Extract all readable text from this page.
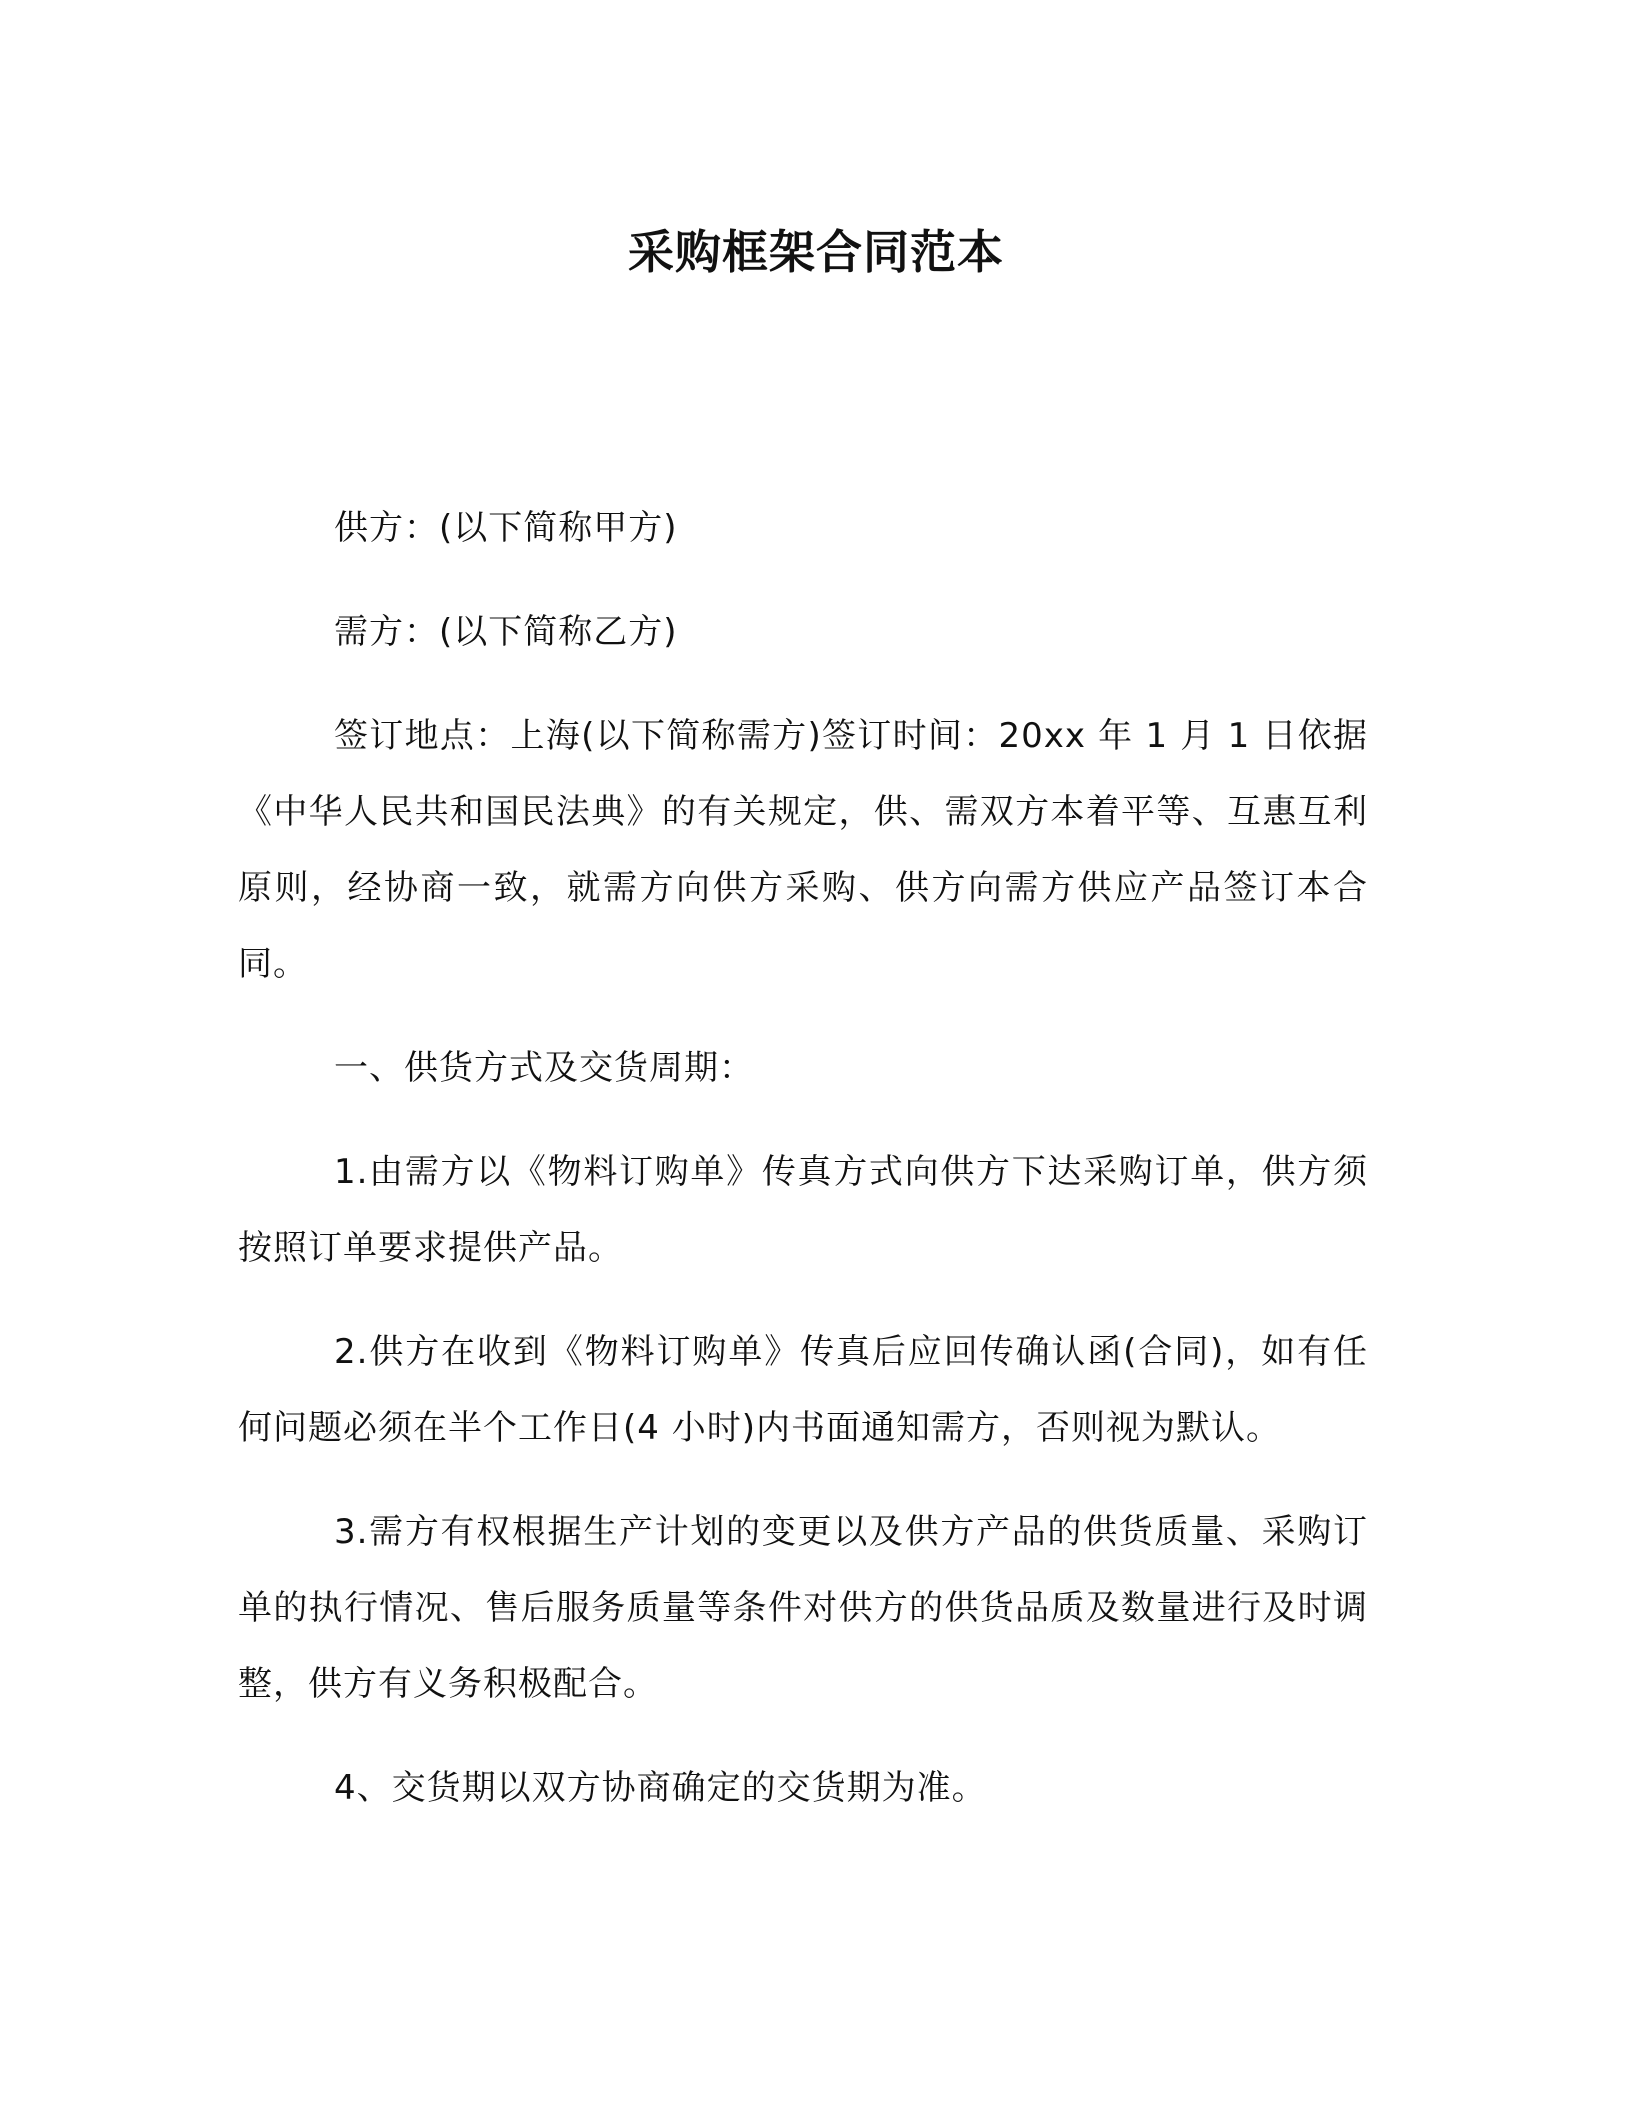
采购框架合同范本

供方：(以下简称甲方)

需方：(以下简称乙方)

签订地点：上海(以下简称需方)签订时间：20xx 年 1 月 1 日依据《中华人民共和国民法典》的有关规定，供、需双方本着平等、互惠互利原则，经协商一致，就需方向供方采购、供方向需方供应产品签订本合同。

一、供货方式及交货周期：

1.由需方以《物料订购单》传真方式向供方下达采购订单，供方须按照订单要求提供产品。

2.供方在收到《物料订购单》传真后应回传确认函(合同)，如有任何问题必须在半个工作日(4 小时)内书面通知需方，否则视为默认。

3.需方有权根据生产计划的变更以及供方产品的供货质量、采购订单的执行情况、售后服务质量等条件对供方的供货品质及数量进行及时调整，供方有义务积极配合。

4、交货期以双方协商确定的交货期为准。
